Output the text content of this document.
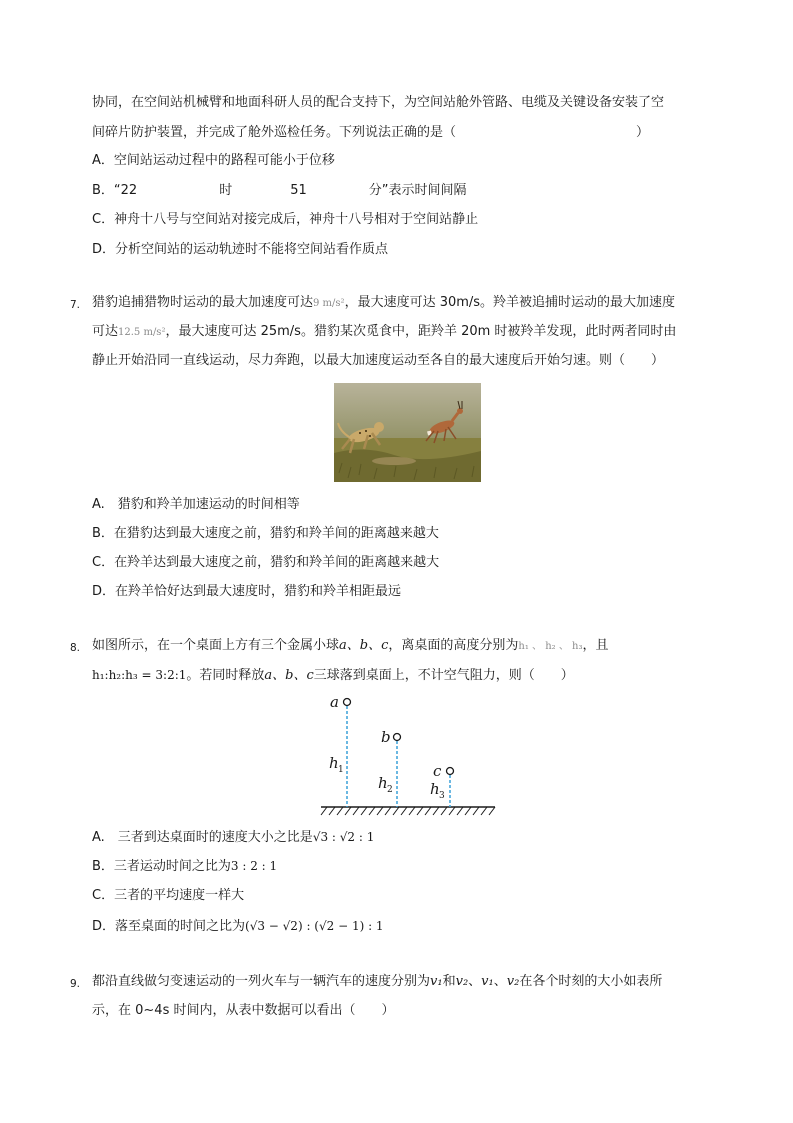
协同，在空间站机械臂和地面科研人员的配合支持下，为空间站舱外管路、电缆及关键设备安装了空
间碎片防护装置，并完成了舱外巡检任务。下列说法正确的是（	）
A．空间站运动过程中的路程可能小于位移
B．“22	时	51	分”表示时间间隔
C．神舟十八号与空间站对接完成后，神舟十八号相对于空间站静止
D．分析空间站的运动轨迹时不能将空间站看作质点
7. 猎豹追捕猎物时运动的最大加速度可达9 m/s²，最大速度可达 30m/s。羚羊被追捕时运动的最大加速度
可达12.5 m/s²，最大速度可达 25m/s。猎豹某次觅食中，距羚羊 20m 时被羚羊发现，此时两者同时由
静止开始沿同一直线运动，尽力奔跑，以最大加速度运动至各自的最大速度后开始匀速。则（　　）
A.　猎豹和羚羊加速运动的时间相等
B．在猎豹达到最大速度之前，猎豹和羚羊间的距离越来越大
C．在羚羊达到最大速度之前，猎豹和羚羊间的距离越来越大
D．在羚羊恰好达到最大速度时，猎豹和羚羊相距最远
8. 如图所示，在一个桌面上方有三个金属小球a、b、c，离桌面的高度分别为h₁ 、 h₂ 、 h₃，且
h₁:h₂:h₃ = 3:2:1。若同时释放a、b、c三球落到桌面上，不计空气阻力，则（　　）
a
b
c
h
h	h
1
2
3
A.　三者到达桌面时的速度大小之比是√3 : √2 : 1
B．三者运动时间之比为3 : 2 : 1
C．三者的平均速度一样大
D．落至桌面的时间之比为(√3 − √2) : (√2 − 1) : 1
9. 都沿直线做匀变速运动的一列火车与一辆汽车的速度分别为v₁和v₂、v₁、v₂在各个时刻的大小如表所
示，在 0~4s 时间内，从表中数据可以看出（　　）
